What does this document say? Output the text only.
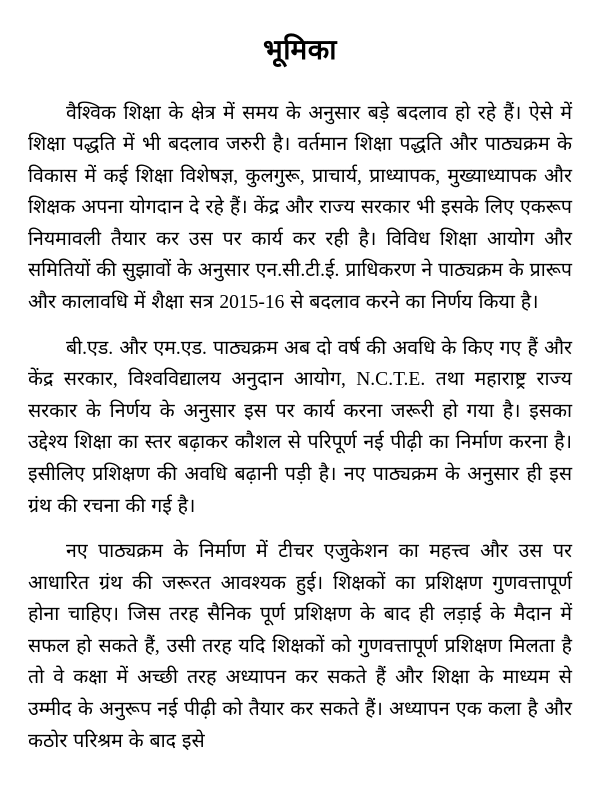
भूमिका

वैश्विक शिक्षा के क्षेत्र में समय के अनुसार बड़े बदलाव हो रहे हैं। ऐसे में शिक्षा पद्धति में भी बदलाव जरुरी है। वर्तमान शिक्षा पद्धति और पाठ्यक्रम के विकास में कई शिक्षा विशेषज्ञ, कुलगुरू, प्राचार्य, प्राध्यापक, मुख्याध्यापक और शिक्षक अपना योगदान दे रहे हैं। केंद्र और राज्य सरकार भी इसके लिए एकरूप नियमावली तैयार कर उस पर कार्य कर रही है। विविध शिक्षा आयोग और समितियों की सुझावों के अनुसार एन.सी.टी.ई. प्राधिकरण ने पाठ्यक्रम के प्रारूप और कालावधि में शैक्षा सत्र 2015-16 से बदलाव करने का निर्णय किया है।

बी.एड. और एम.एड. पाठ्यक्रम अब दो वर्ष की अवधि के किए गए हैं और केंद्र सरकार, विश्वविद्यालय अनुदान आयोग, N.C.T.E. तथा महाराष्ट्र राज्य सरकार के निर्णय के अनुसार इस पर कार्य करना जरूरी हो गया है। इसका उद्देश्य शिक्षा का स्तर बढ़ाकर कौशल से परिपूर्ण नई पीढ़ी का निर्माण करना है। इसीलिए प्रशिक्षण की अवधि बढ़ानी पड़ी है। नए पाठ्यक्रम के अनुसार ही इस ग्रंथ की रचना की गई है।

नए पाठ्यक्रम के निर्माण में टीचर एजुकेशन का महत्त्व और उस पर आधारित ग्रंथ की जरूरत आवश्यक हुई। शिक्षकों का प्रशिक्षण गुणवत्तापूर्ण होना चाहिए। जिस तरह सैनिक पूर्ण प्रशिक्षण के बाद ही लड़ाई के मैदान में सफल हो सकते हैं, उसी तरह यदि शिक्षकों को गुणवत्तापूर्ण प्रशिक्षण मिलता है तो वे कक्षा में अच्छी तरह अध्यापन कर सकते हैं और शिक्षा के माध्यम से उम्मीद के अनुरूप नई पीढ़ी को तैयार कर सकते हैं। अध्यापन एक कला है और कठोर परिश्रम के बाद इसे
